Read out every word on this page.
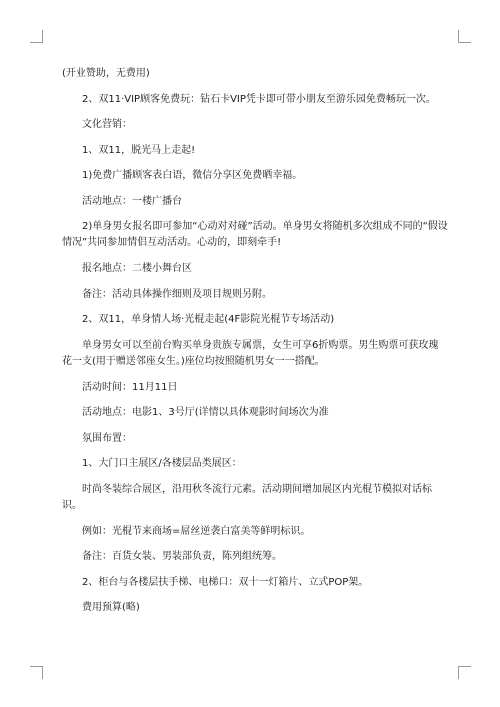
(开业赞助，无费用)

2、双11·VIP顾客免费玩：钻石卡VIP凭卡即可带小朋友至游乐园免费畅玩一次。

文化营销：

1、双11，脱光马上走起!

1)免费广播顾客表白语，微信分享区免费晒幸福。

活动地点：一楼广播台

2)单身男女报名即可参加“心动对对碰”活动。单身男女将随机多次组成不同的“假设情况”共同参加情侣互动活动。心动的，即刻牵手!

报名地点：二楼小舞台区

备注：活动具体操作细则及项目规则另附。

2、双11，单身情人场·光棍走起(4F影院光棍节专场活动)

单身男女可以至前台购买单身贵族专属票，女生可享6折购票。男生购票可获玫瑰花一支(用于赠送邻座女生。)座位均按照随机男女一一搭配。

活动时间：11月11日

活动地点：电影1、3号厅(详情以具体观影时间场次为准

氛围布置：

1、大门口主展区/各楼层品类展区：

时尚冬装综合展区，沿用秋冬流行元素。活动期间增加展区内光棍节模拟对话标识。

例如：光棍节来商场=屌丝逆袭白富美等鲜明标识。

备注：百货女装、男装部负责，陈列组统筹。

2、柜台与各楼层扶手梯、电梯口：双十一灯箱片、立式POP架。

费用预算(略)
